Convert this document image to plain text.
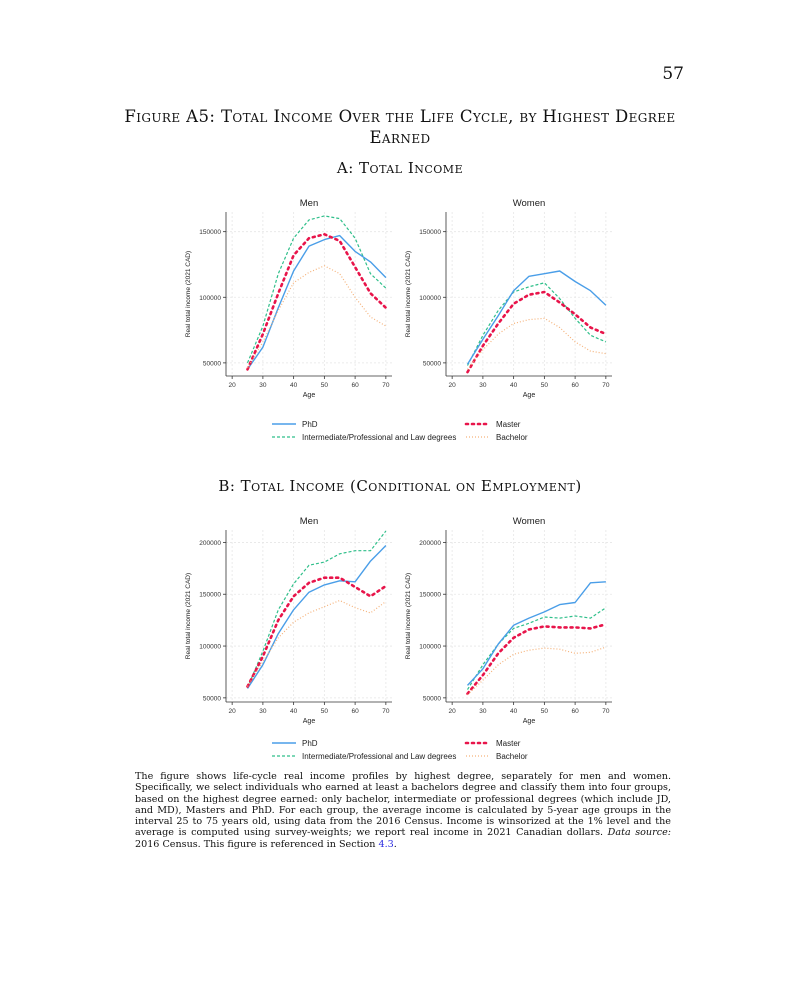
57
Figure A5: Total Income Over the Life Cycle, by Highest Degree Earned
A: Total Income
Men
50000
100000
150000
20	30	40	50	60	70
Age
Real total income (2021 CAD)
Women
50000
100000
150000
20	30	40	50	60	70
Age
Real total income (2021 CAD)
PhD	Master
Intermediate/Professional and Law degrees	Bachelor
B: Total Income (Conditional on Employment)
Men
50000
100000
150000
200000
20	30	40	50	60	70
Age
Real total income (2021 CAD)
Women
50000
100000
150000
200000
20	30	40	50	60	70
Age
Real total income (2021 CAD)
PhD	Master
Intermediate/Professional and Law degrees	Bachelor
The figure shows life-cycle real income profiles by highest degree, separately for men and women. Specifically, we select individuals who earned at least a bachelors degree and classify them into four groups, based on the highest degree earned: only bachelor, intermediate or professional degrees (which include JD, and MD), Masters and PhD. For each group, the average income is calculated by 5-year age groups in the interval 25 to 75 years old, using data from the 2016 Census. Income is winsorized at the 1% level and the average is computed using survey-weights; we report real income in 2021 Canadian dollars. Data source: 2016 Census. This figure is referenced in Section 4.3.
